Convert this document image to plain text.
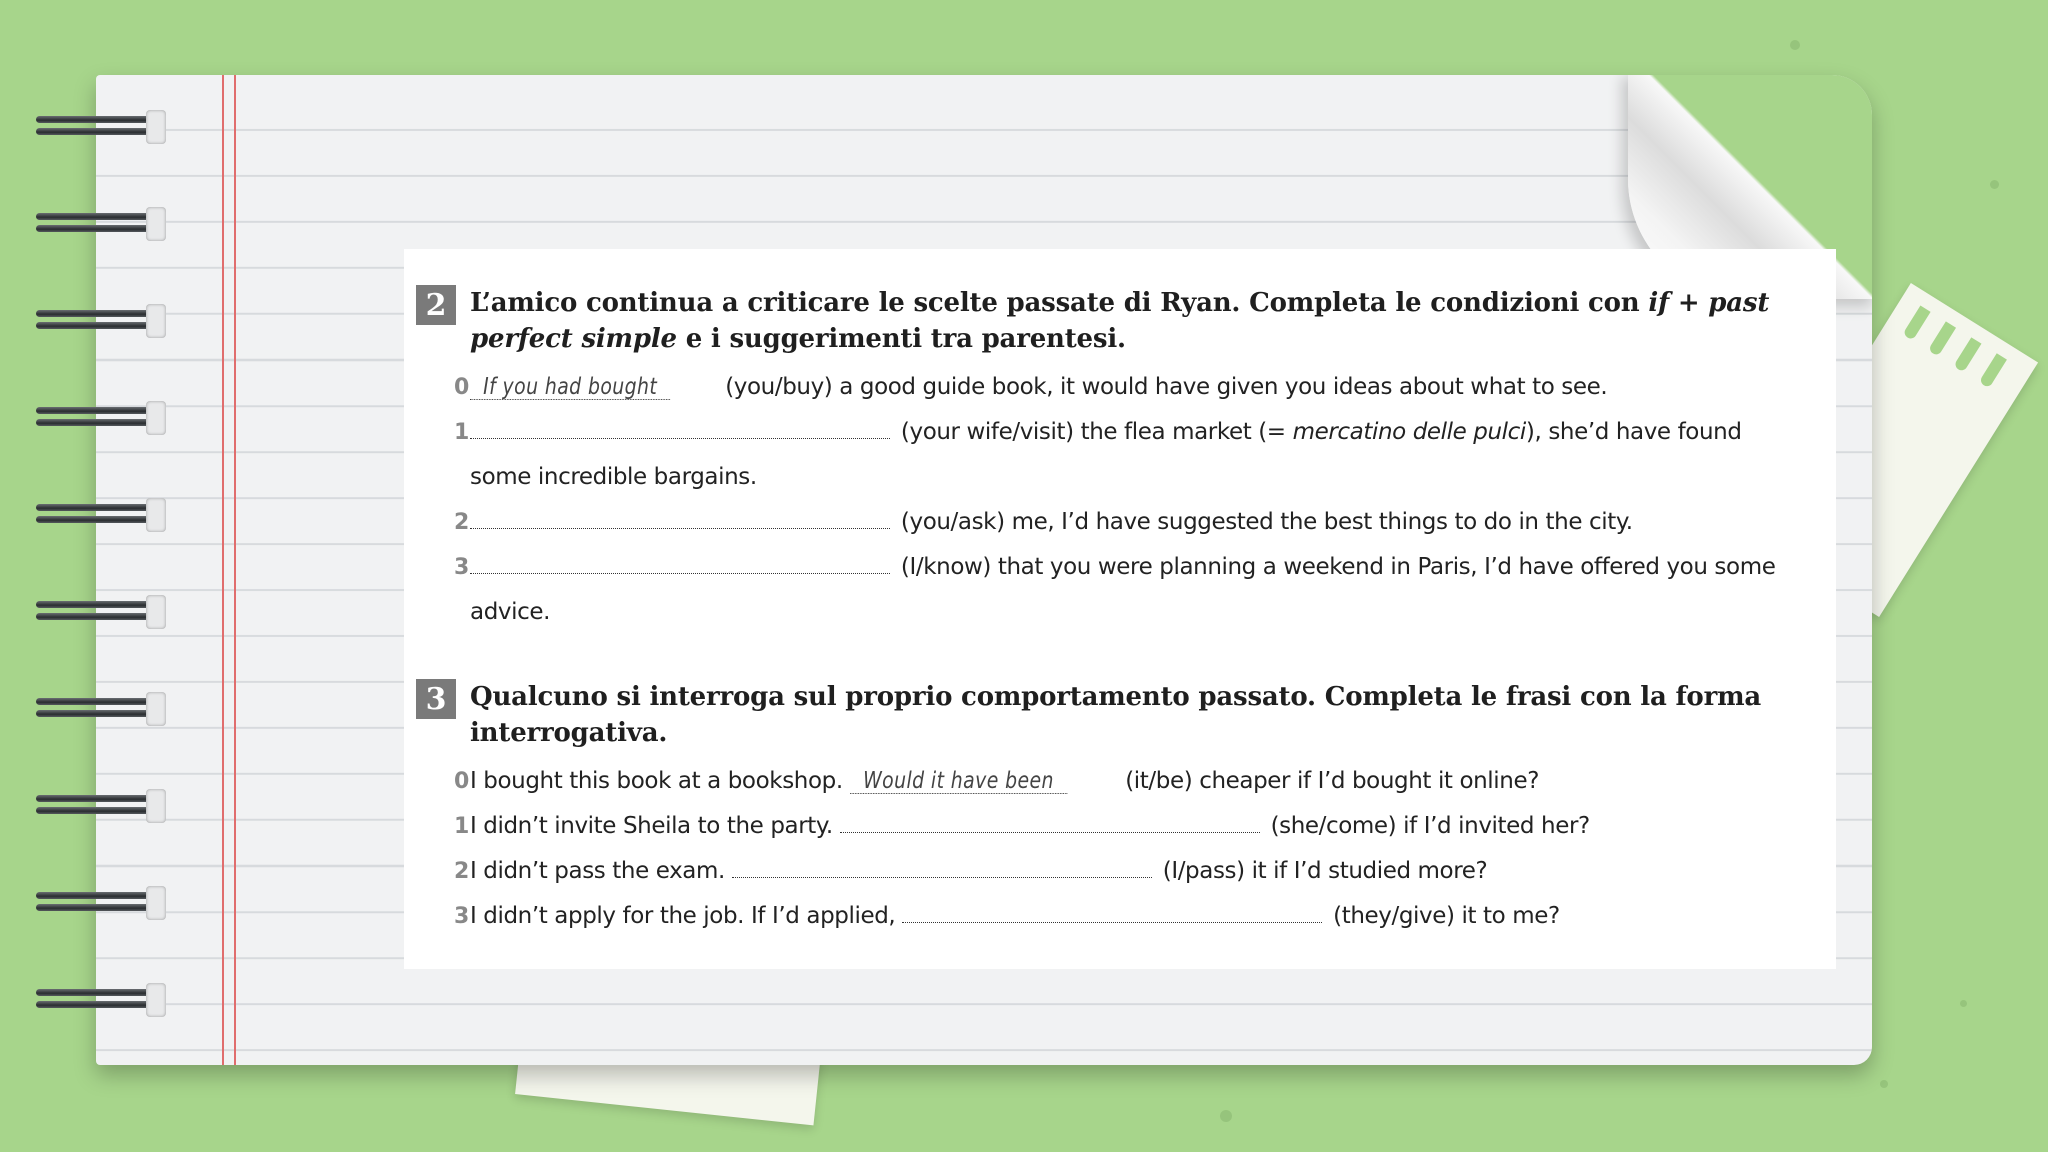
2 L’amico continua a criticare le scelte passate di Ryan. Completa le condizioni con if + past perfect simple e i suggerimenti tra parentesi.
0 If you had bought	(you/buy) a good guide book, it would have given you ideas about what to see.
1	(your wife/visit) the flea market (= mercatino delle pulci), she’d have found some incredible bargains.
2	(you/ask) me, I’d have suggested the best things to do in the city.
3	(I/know) that you were planning a weekend in Paris, I’d have offered you some advice.
3 Qualcuno si interroga sul proprio comportamento passato. Completa le frasi con la forma interrogativa.
0 I bought this book at a bookshop. Would it have been	(it/be) cheaper if I’d bought it online?
1 I didn’t invite Sheila to the party.	(she/come) if I’d invited her?
2 I didn’t pass the exam.	(I/pass) it if I’d studied more?
3 I didn’t apply for the job. If I’d applied,	(they/give) it to me?
